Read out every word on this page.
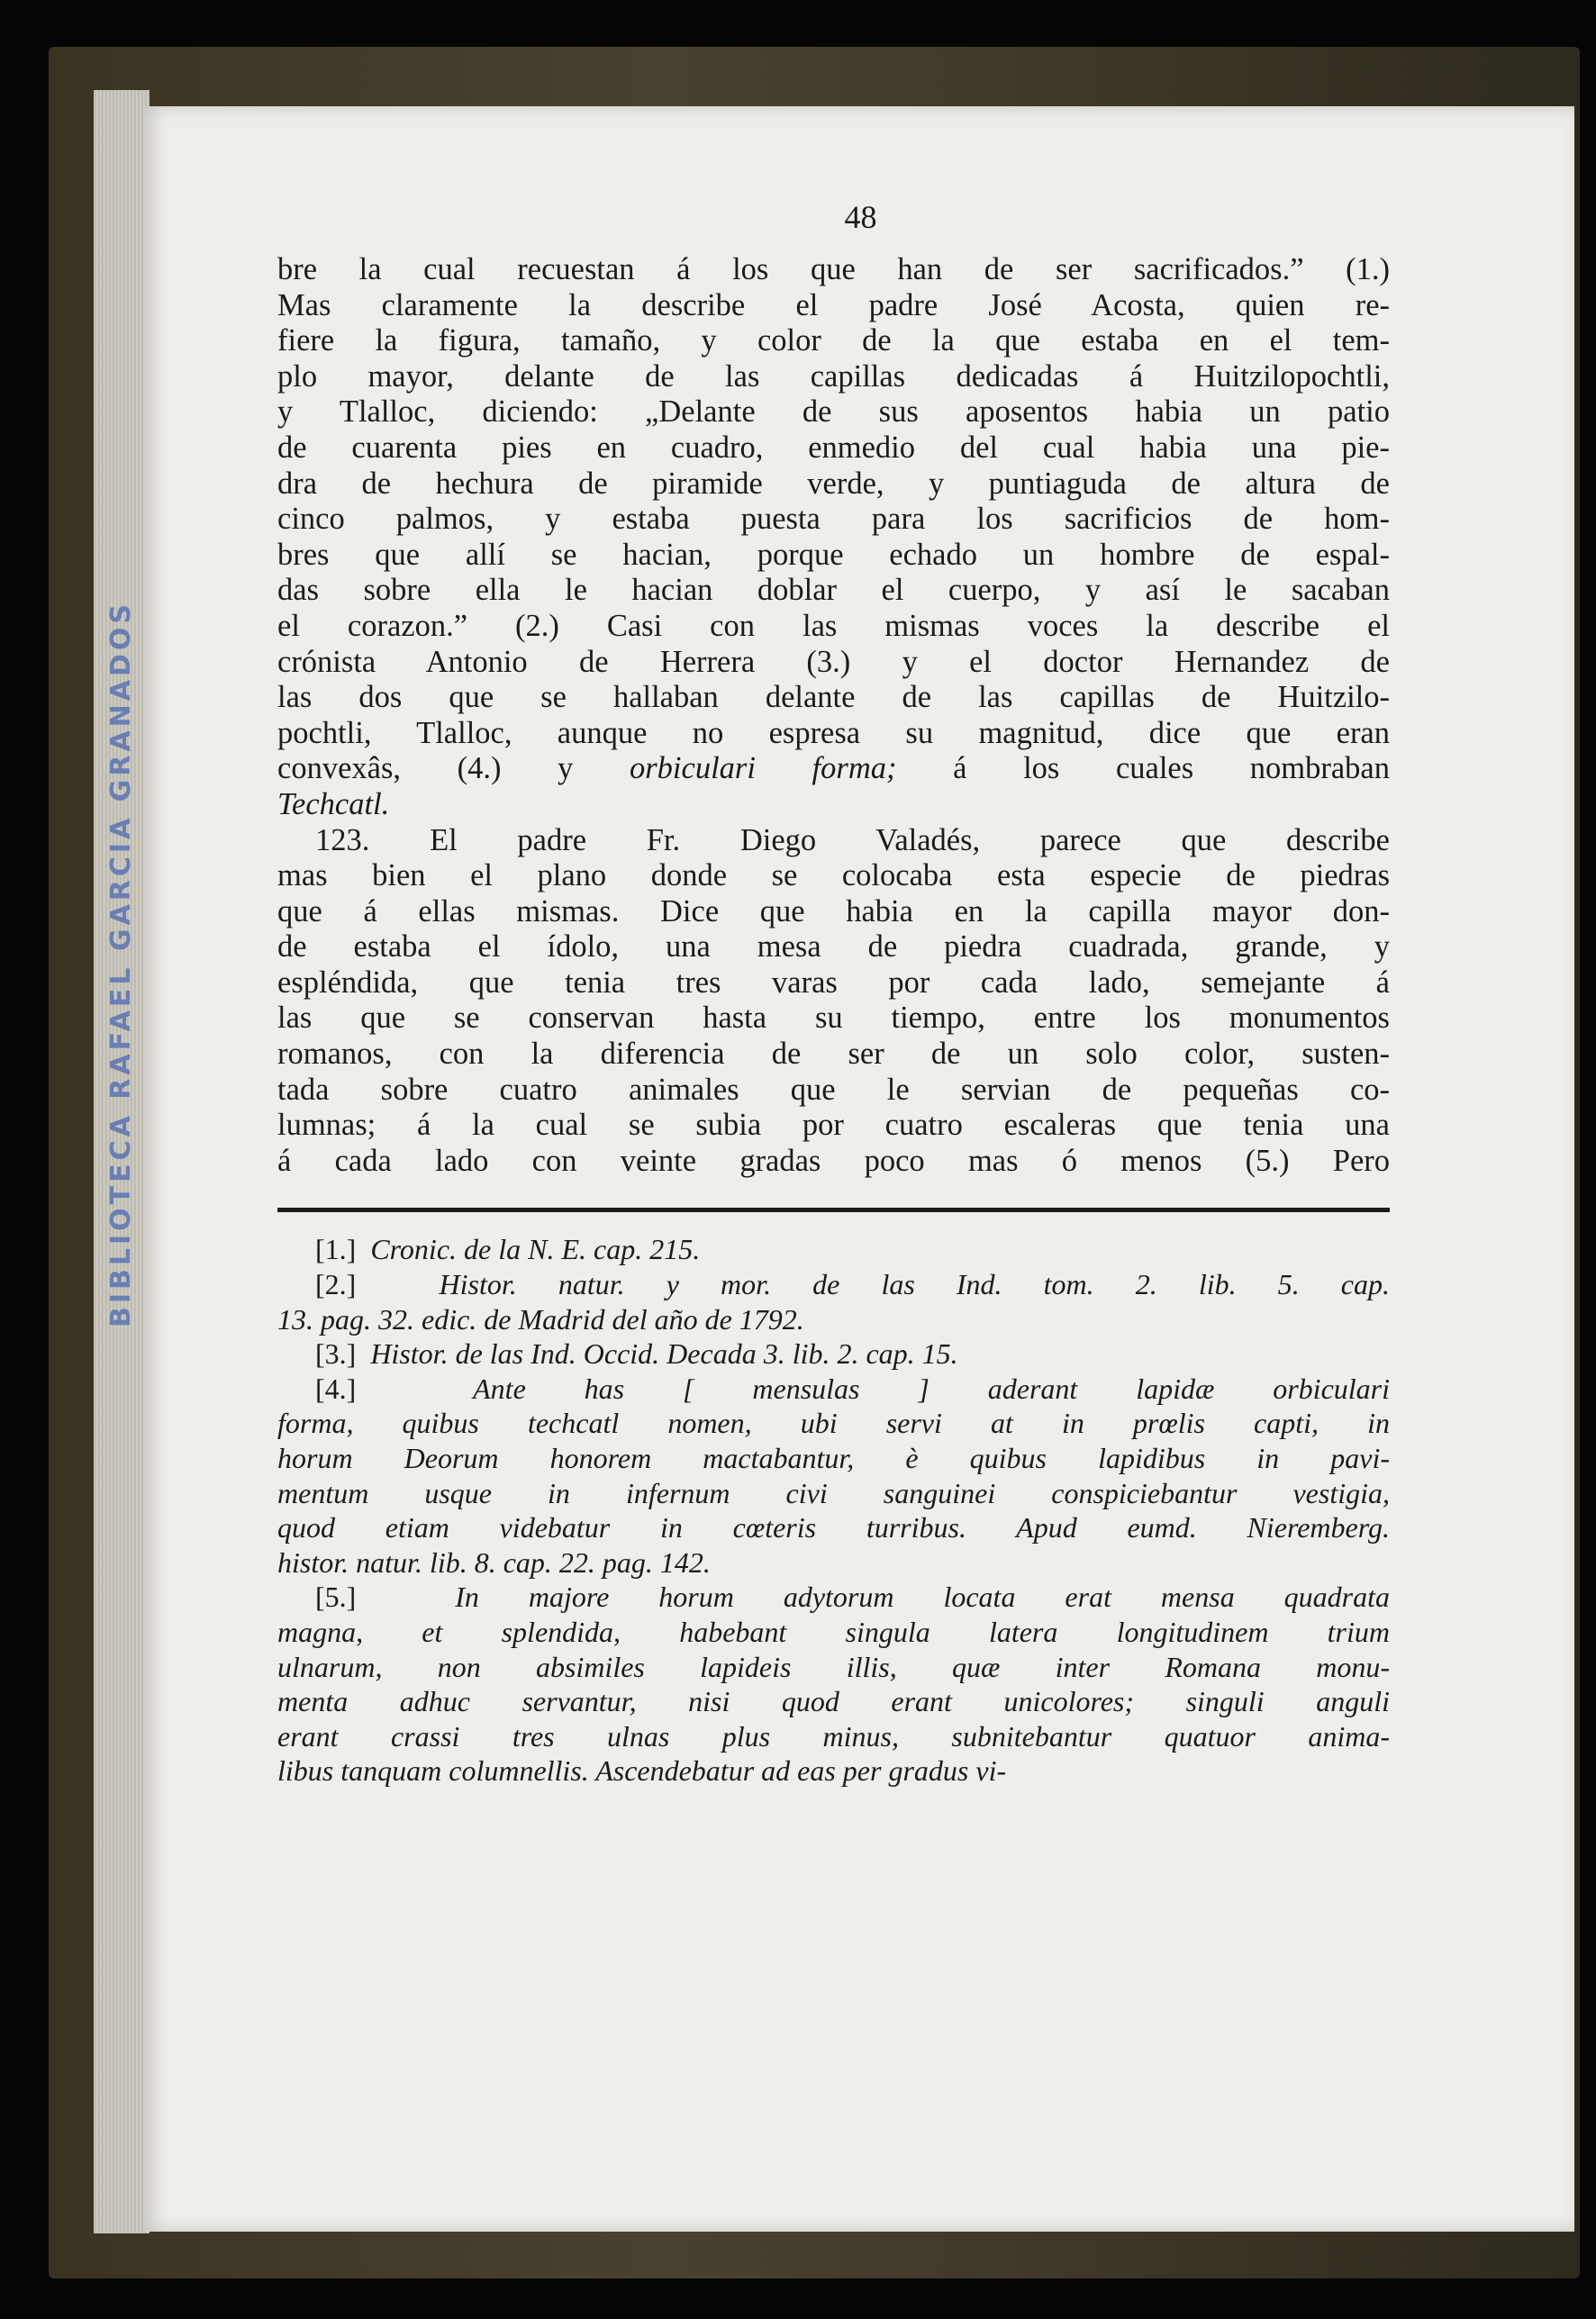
BIBLIOTECA RAFAEL GARCIA GRANADOS
48

bre la cual recuestan á los que han de ser sacrificados.” (1.)

Mas claramente la describe el padre José Acosta, quien re-

fiere la figura, tamaño, y color de la que estaba en el tem-

plo mayor, delante de las capillas dedicadas á Huitzilopochtli,

y Tlalloc, diciendo: „Delante de sus aposentos habia un patio

de cuarenta pies en cuadro, enmedio del cual habia una pie-

dra de hechura de piramide verde, y puntiaguda de altura de

cinco palmos, y estaba puesta para los sacrificios de hom-

bres que allí se hacian, porque echado un hombre de espal-

das sobre ella le hacian doblar el cuerpo, y así le sacaban

el corazon.” (2.) Casi con las mismas voces la describe el

crónista Antonio de Herrera (3.) y el doctor Hernandez de

las dos que se hallaban delante de las capillas de Huitzilo-

pochtli, Tlalloc, aunque no espresa su magnitud, dice que eran

convexâs, (4.) y orbiculari forma; á los cuales nombraban

Techcatl.

123. El padre Fr. Diego Valadés, parece que describe

mas bien el plano donde se colocaba esta especie de piedras

que á ellas mismas. Dice que habia en la capilla mayor don-

de estaba el ídolo, una mesa de piedra cuadrada, grande, y

espléndida, que tenia tres varas por cada lado, semejante á

las que se conservan hasta su tiempo, entre los monumentos

romanos, con la diferencia de ser de un solo color, susten-

tada sobre cuatro animales que le servian de pequeñas co-

lumnas; á la cual se subia por cuatro escaleras que tenia una

á cada lado con veinte gradas poco mas ó menos (5.) Pero

[1.] Cronic. de la N. E. cap. 215.

[2.]	Histor. natur. y mor. de las Ind. tom. 2. lib. 5. cap.

13. pag. 32. edic. de Madrid del año de 1792.

[3.] Histor. de las Ind. Occid. Decada 3. lib. 2. cap. 15.

[4.]	Ante has [ mensulas ] aderant lapidæ orbiculari

forma, quibus techcatl nomen, ubi servi at in prœlis capti, in

horum Deorum honorem mactabantur, è quibus lapidibus in pavi-

mentum usque in infernum civi sanguinei conspiciebantur vestigia,

quod etiam videbatur in cœteris turribus. Apud eumd. Nieremberg.

histor. natur. lib. 8. cap. 22. pag. 142.

[5.]	In majore horum adytorum locata erat mensa quadrata

magna, et splendida, habebant singula latera longitudinem trium

ulnarum, non absimiles lapideis illis, quæ inter Romana monu-

menta adhuc servantur, nisi quod erant unicolores; singuli anguli

erant crassi tres ulnas plus minus, subnitebantur quatuor anima-

libus tanquam columnellis. Ascendebatur ad eas per gradus vi-
